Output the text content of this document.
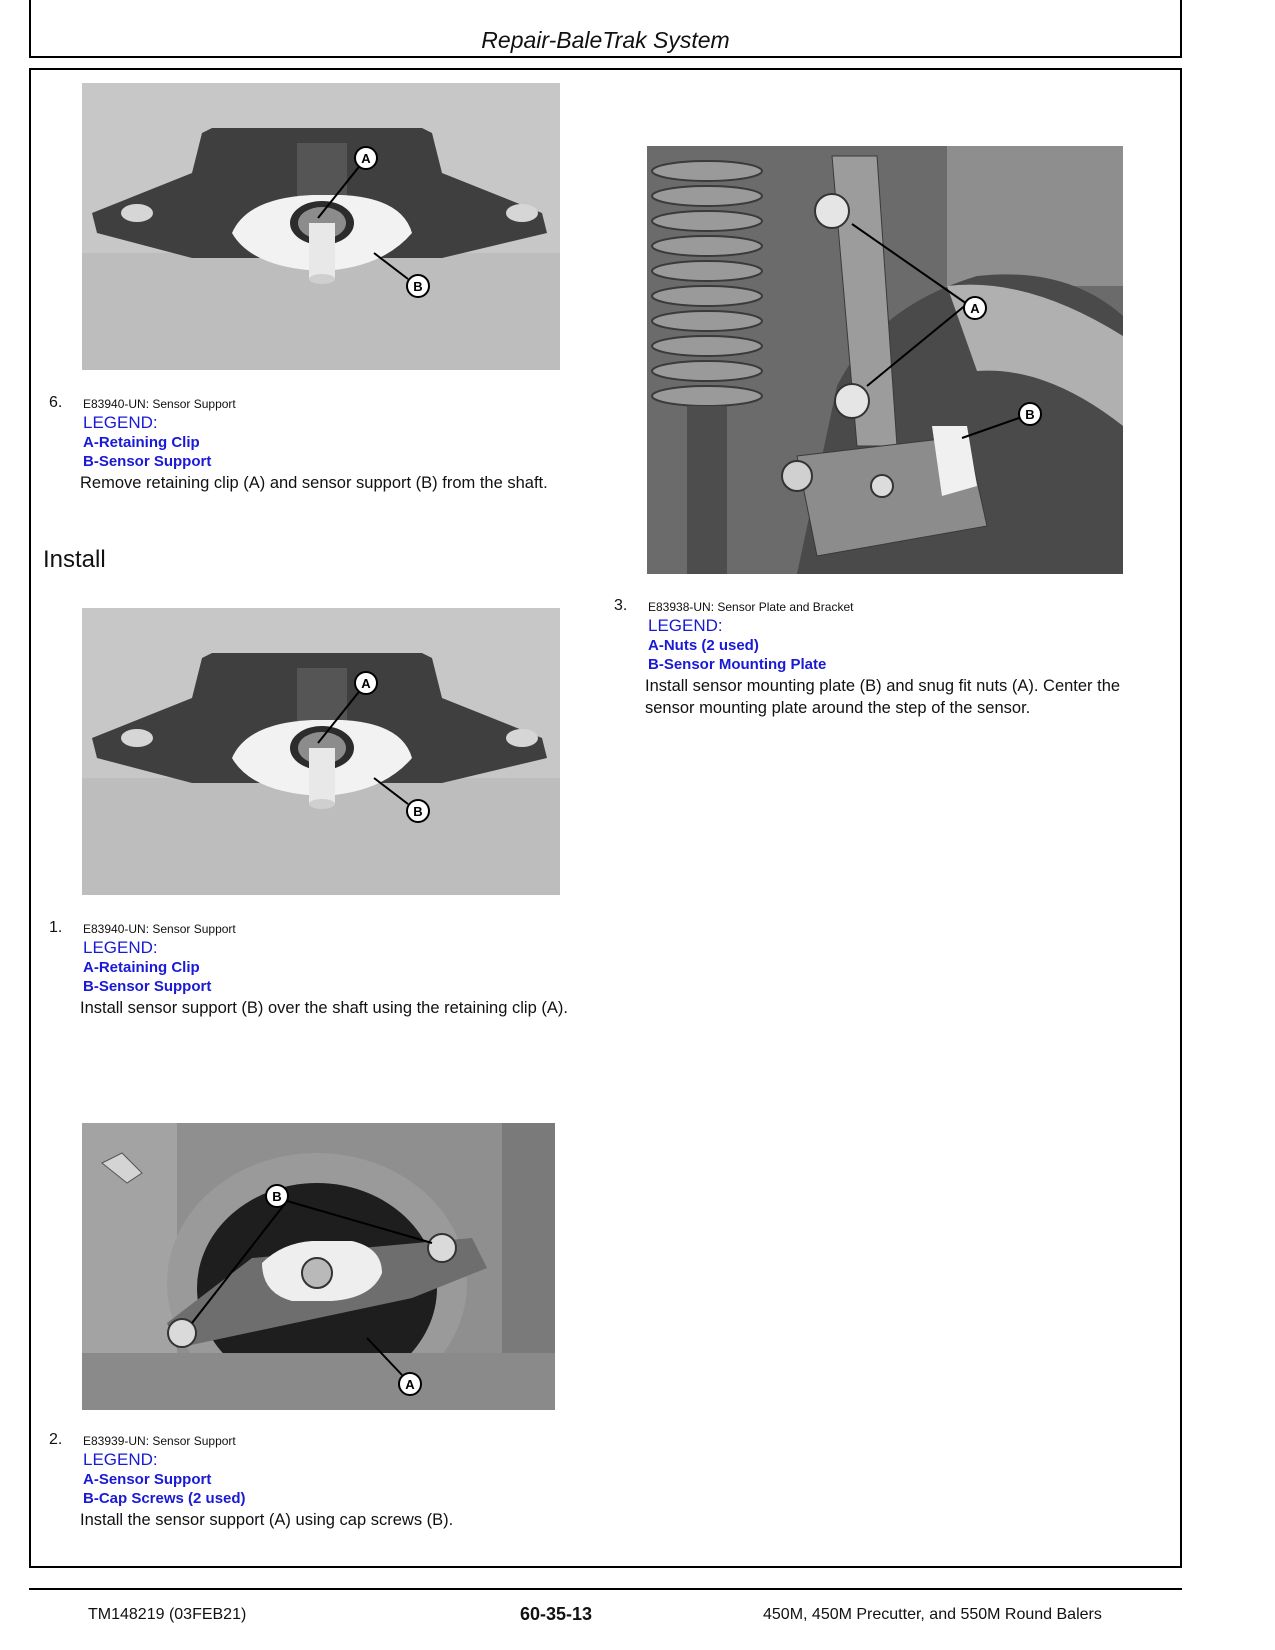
Repair-BaleTrak System
A
B
6. E83940-UN: Sensor Support
LEGEND:
A-Retaining Clip
B-Sensor Support
Remove retaining clip (A) and sensor support (B) from the shaft.
Install
A
B
1. E83940-UN: Sensor Support
LEGEND:
A-Retaining Clip
B-Sensor Support
Install sensor support (B) over the shaft using the retaining clip (A).
B
A
2. E83939-UN: Sensor Support
LEGEND:
A-Sensor Support
B-Cap Screws (2 used)
Install the sensor support (A) using cap screws (B).
A
B
3. E83938-UN: Sensor Plate and Bracket
LEGEND:
A-Nuts (2 used)
B-Sensor Mounting Plate
Install sensor mounting plate (B) and snug fit nuts (A). Center the sensor mounting plate around the step of the sensor.
TM148219 (03FEB21)	60-35-13	450M, 450M Precutter, and 550M Round Balers
